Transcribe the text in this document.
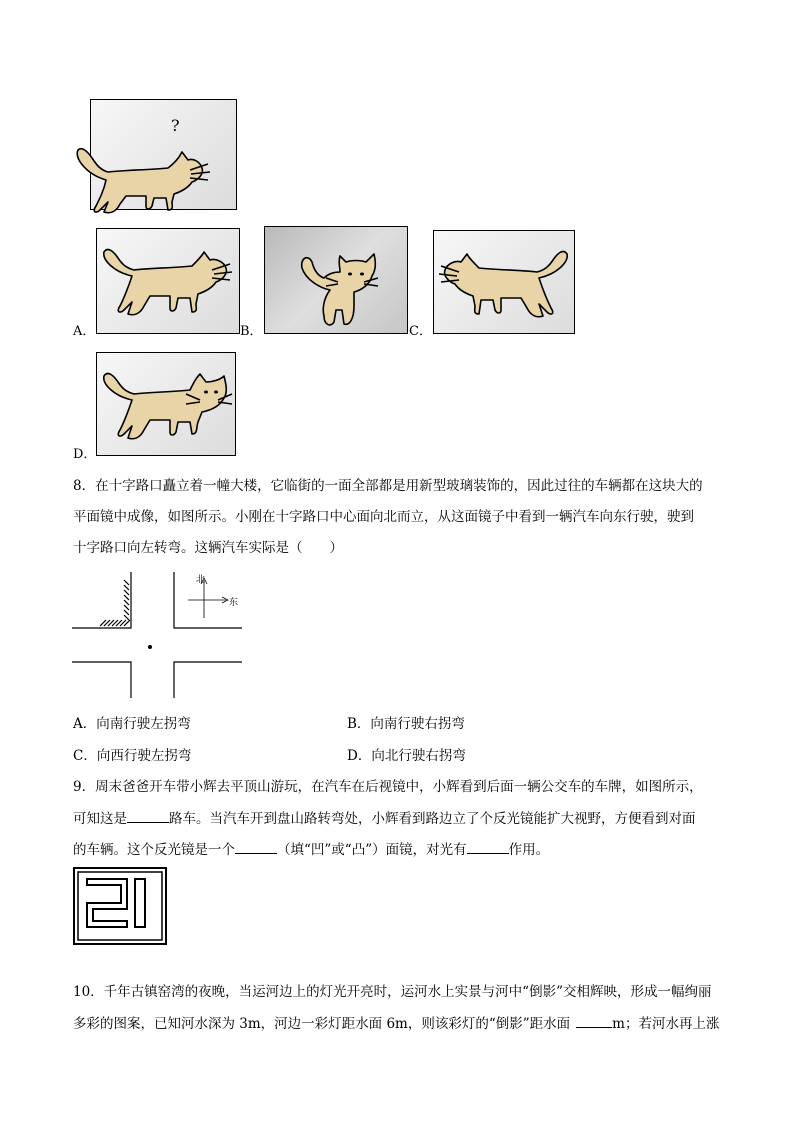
?
A．	B．	C．
D．
8．在十字路口矗立着一幢大楼，它临街的一面全部都是用新型玻璃装饰的，因此过往的车辆都在这块大的
平面镜中成像，如图所示。小刚在十字路口中心面向北而立，从这面镜子中看到一辆汽车向东行驶，驶到
十字路口向左转弯。这辆汽车实际是（　　）
北
东
A．向南行驶左拐弯	B．向南行驶右拐弯
C．向西行驶左拐弯	D．向北行驶右拐弯
9．周末爸爸开车带小辉去平顶山游玩，在汽车在后视镜中，小辉看到后面一辆公交车的车牌，如图所示，
可知这是	路车。当汽车开到盘山路转弯处，小辉看到路边立了个反光镜能扩大视野，方便看到对面
的车辆。这个反光镜是一个	（填“凹”或“凸”）面镜，对光有	作用。
10．千年古镇窑湾的夜晚，当运河边上的灯光开亮时，运河水上实景与河中“倒影”交相辉映，形成一幅绚丽
多彩的图案，已知河水深为 3m，河边一彩灯距水面 6m，则该彩灯的“倒影”距水面	m；若河水再上涨
